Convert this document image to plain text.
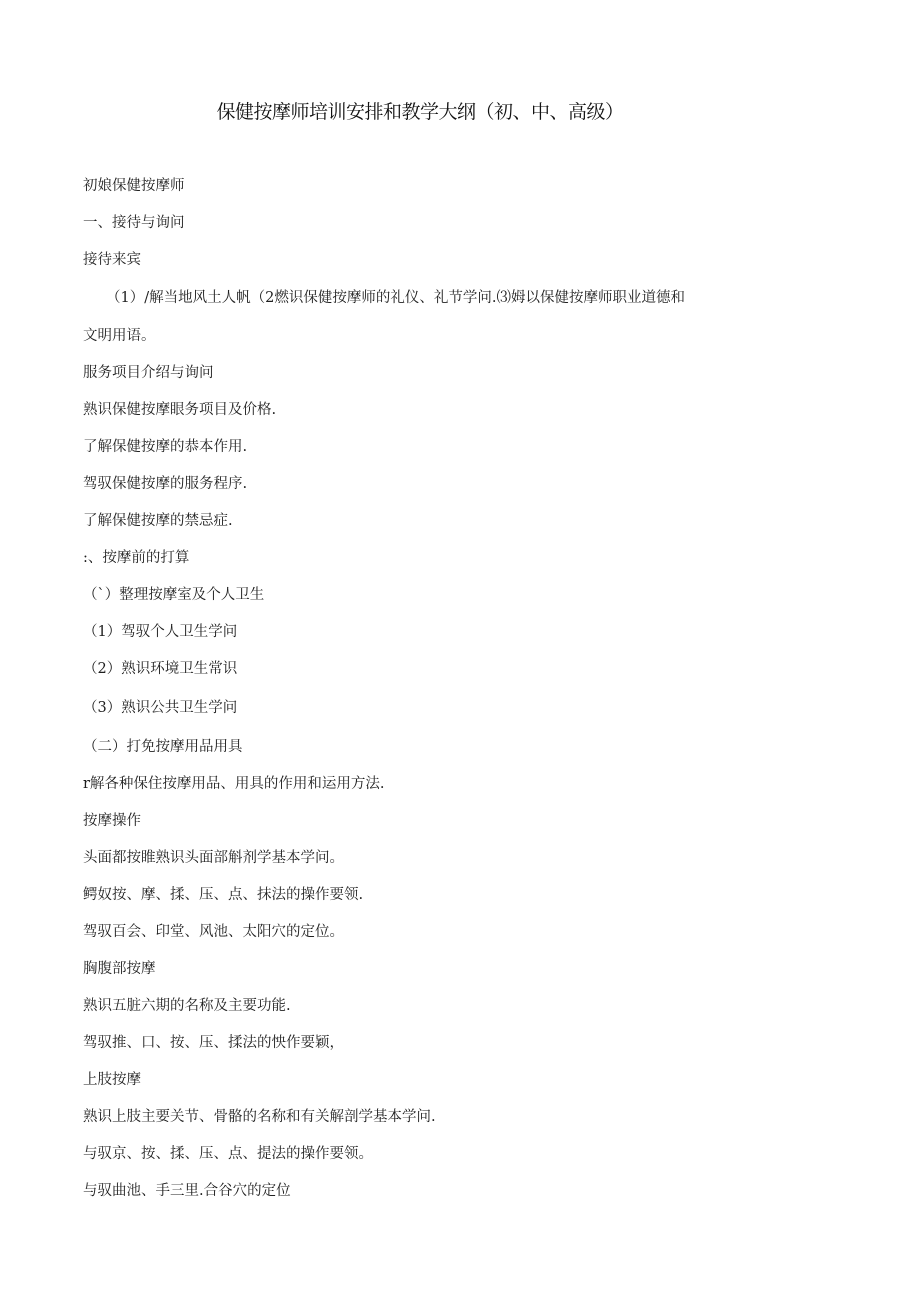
保健按摩师培训安排和教学大纲（初、中、高级）
初娘保健按摩师
一、接待与询问
接待来宾
（1）/解当地风土人帆（2燃识保健按摩师的礼仪、礼节学问.⑶姆以保健按摩师职业道德和
文明用语。
服务项目介绍与询问
熟识保健按摩眼务项目及价格.
了解保健按摩的恭本作用.
驾驭保健按摩的服务程序.
了解保健按摩的禁忌症.
:、按摩前的打算
（`）整理按摩室及个人卫生
（1）驾驭个人卫生学问
（2）熟识环境卫生常识
（3）熟识公共卫生学问
（二）打免按摩用品用具
r解各种保住按摩用品、用具的作用和运用方法.
按摩操作
头面都按睢熟识头面部斛剂学基本学问。
鳄奴按、摩、揉、压、点、抹法的操作要领.
驾驭百会、印堂、风池、太阳穴的定位。
胸腹部按摩
熟识五脏六期的名称及主要功能.
驾驭推、口、按、压、揉法的怏作要颖，
上肢按摩
熟识上肢主要关节、骨骼的名称和有关解剖学基本学问.
与驭京、按、揉、压、点、提法的操作要领。
与驭曲池、手三里.合谷穴的定位
